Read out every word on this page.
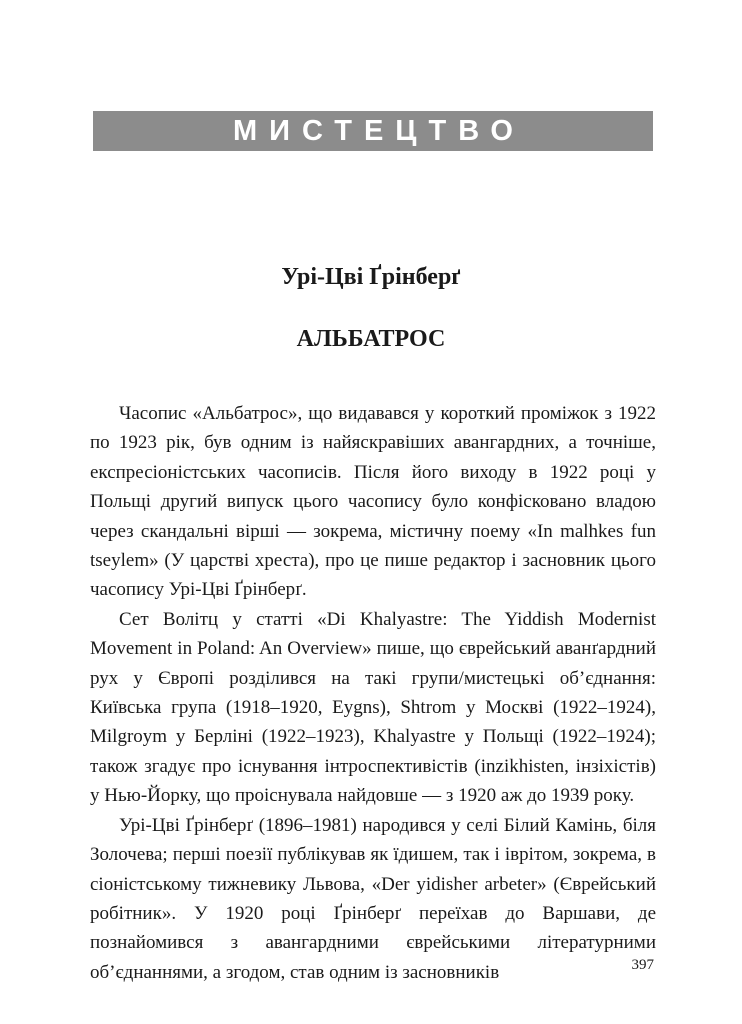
МИСТЕЦТВО
Урі-Цві Ґрінберґ
АЛЬБАТРОС

Часопис «Альбатрос», що видавався у короткий проміжок з 1922 по 1923 рік, був одним із найяскравіших авангардних, а точніше, експресіоністських часописів. Після його виходу в 1922 році у Польщі другий випуск цього часопису було конфісковано владою через скандальні вірші — зокрема, містичну поему «In malhkes fun tseylem» (У царстві хреста), про це пише редактор і засновник цього часопису Урі-Цві Ґрінберґ.

Сет Волітц у статті «Di Khalyastre: The Yiddish Modernist Movement in Poland: An Overview» пише, що єврейський аванґардний рух у Європі розділився на такі групи/мистецькі об’єднання: Київська група (1918–1920, Eygns), Shtrom у Москві (1922–1924), Milgroym у Берліні (1922–1923), Khalyastre у Польщі (1922–1924); також згадує про існування інтроспективістів (inzikhisten, інзіхістів) у Нью-Йорку, що проіснувала найдовше — з 1920 аж до 1939 року.

Урі-Цві Ґрінберґ (1896–1981) народився у селі Білий Камінь, біля Золочева; перші поезії публікував як їдишем, так і іврітом, зокрема, в сіоністському тижневику Львова, «Der yidisher arbeter» (Єврейський робітник». У 1920 році Ґрінберґ переїхав до Варшави, де познайомився з авангардними єврейськими літературними об’єднаннями, а згодом, став одним із засновників	397
